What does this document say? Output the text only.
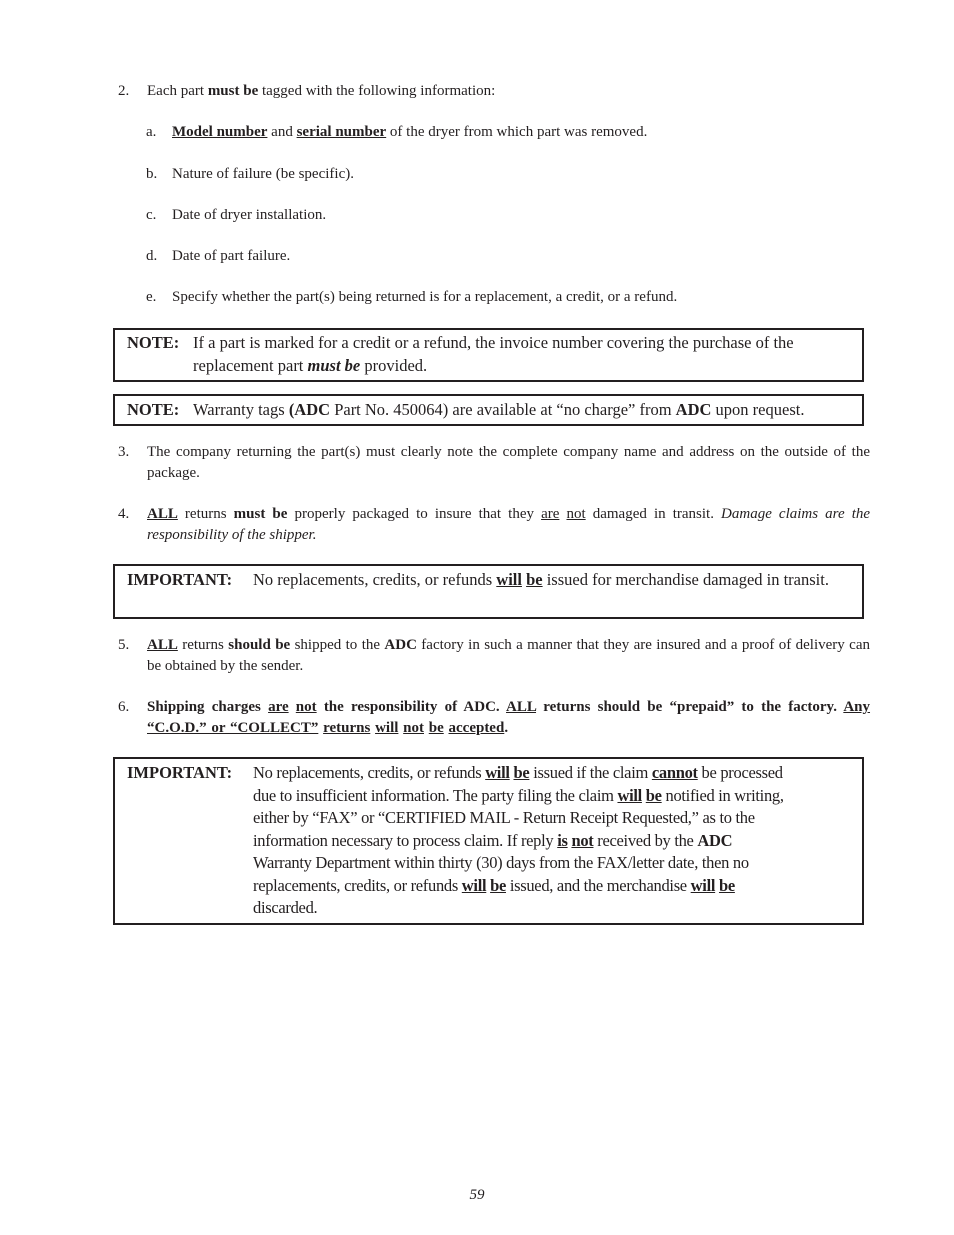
2. Each part must be tagged with the following information:
a. Model number and serial number of the dryer from which part was removed.
b. Nature of failure (be specific).
c. Date of dryer installation.
d. Date of part failure.
e. Specify whether the part(s) being returned is for a replacement, a credit, or a refund.
NOTE: If a part is marked for a credit or a refund, the invoice number covering the purchase of the
replacement part must be provided.
NOTE: Warranty tags (ADC Part No. 450064) are available at “no charge” from ADC upon request.
3. The company returning the part(s) must clearly note the complete company name and address on the outside of the package.
4. ALL returns must be properly packaged to insure that they are not damaged in transit. Damage claims are the responsibility of the shipper.
IMPORTANT: No replacements, credits, or refunds will be issued for merchandise damaged in transit.
5. ALL returns should be shipped to the ADC factory in such a manner that they are insured and a proof of delivery can be obtained by the sender.
6. Shipping charges are not the responsibility of ADC. ALL returns should be “prepaid” to the factory. Any “C.O.D.” or “COLLECT” returns will not be accepted.
IMPORTANT: No replacements, credits, or refunds will be issued if the claim cannot be processed
due to insufficient information. The party filing the claim will be notified in writing,
either by “FAX” or “CERTIFIED MAIL - Return Receipt Requested,” as to the
information necessary to process claim. If reply is not received by the ADC
Warranty Department within thirty (30) days from the FAX/letter date, then no
replacements, credits, or refunds will be issued, and the merchandise will be
discarded.
59
